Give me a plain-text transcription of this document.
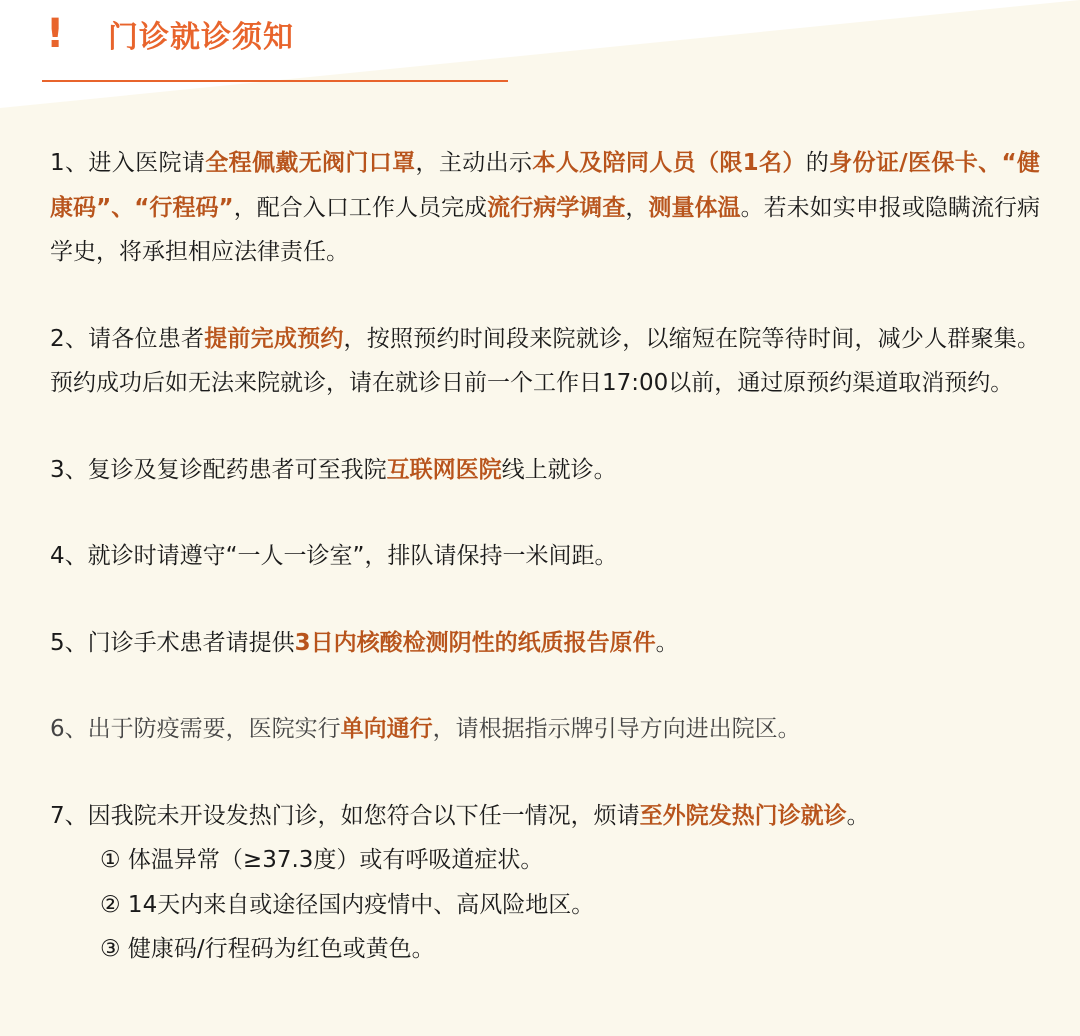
! 门诊就诊须知

1、进入医院请全程佩戴无阀门口罩，主动出示本人及陪同人员（限1名）的身份证/医保卡、“健康码”、“行程码”，配合入口工作人员完成流行病学调查，测量体温。若未如实申报或隐瞒流行病学史，将承担相应法律责任。

2、请各位患者提前完成预约，按照预约时间段来院就诊，以缩短在院等待时间，减少人群聚集。预约成功后如无法来院就诊，请在就诊日前一个工作日17:00以前，通过原预约渠道取消预约。

3、复诊及复诊配药患者可至我院互联网医院线上就诊。

4、就诊时请遵守“一人一诊室”，排队请保持一米间距。

5、门诊手术患者请提供3日内核酸检测阴性的纸质报告原件。

6、出于防疫需要，医院实行单向通行，请根据指示牌引导方向进出院区。

7、因我院未开设发热门诊，如您符合以下任一情况，烦请至外院发热门诊就诊。

① 体温异常（≥37.3度）或有呼吸道症状。
② 14天内来自或途径国内疫情中、高风险地区。
③ 健康码/行程码为红色或黄色。
